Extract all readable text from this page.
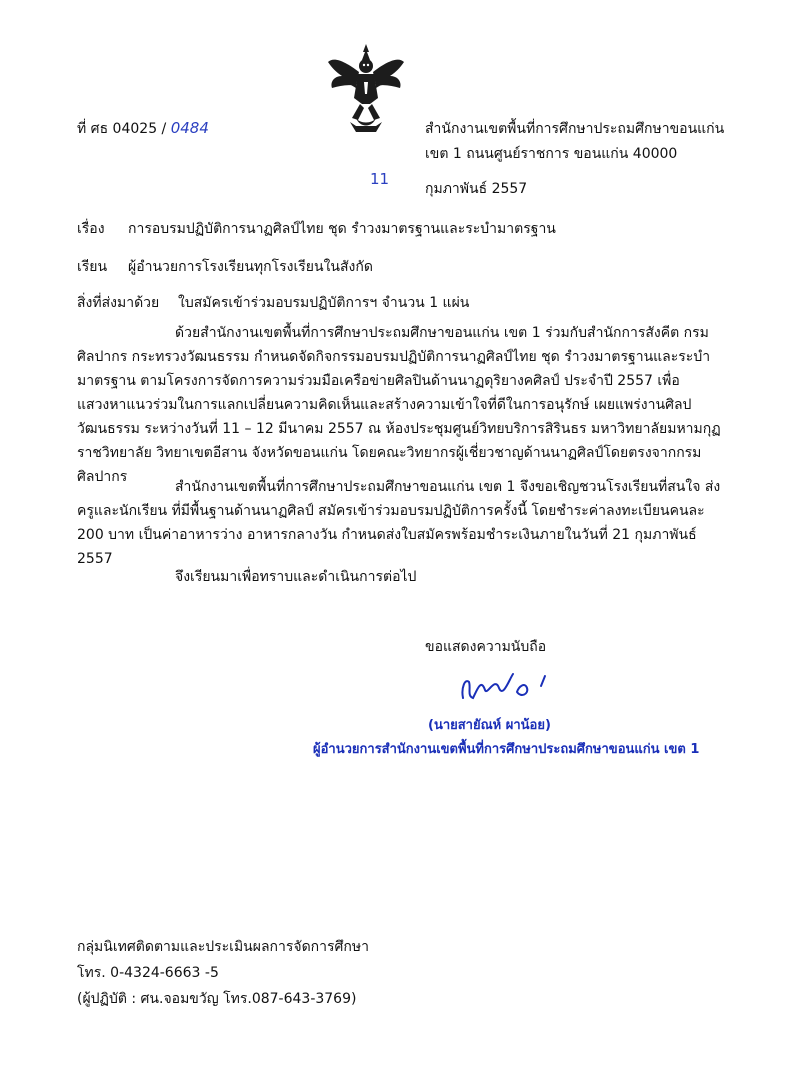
ที่ ศธ 04025 / 0484	สำนักงานเขตพื้นที่การศึกษาประถมศึกษาขอนแก่น
เขต 1 ถนนศูนย์ราชการ ขอนแก่น 40000
11
กุมภาพันธ์ 2557
เรื่อง การอบรมปฏิบัติการนาฏศิลป์ไทย ชุด รำวงมาตรฐานและระบำมาตรฐาน
เรียน ผู้อำนวยการโรงเรียนทุกโรงเรียนในสังกัด
สิ่งที่ส่งมาด้วย ใบสมัครเข้าร่วมอบรมปฏิบัติการฯ จำนวน 1 แผ่น
ด้วยสำนักงานเขตพื้นที่การศึกษาประถมศึกษาขอนแก่น เขต 1 ร่วมกับสำนักการสังคีต กรมศิลปากร กระทรวงวัฒนธรรม กำหนดจัดกิจกรรมอบรมปฏิบัติการนาฏศิลป์ไทย ชุด รำวงมาตรฐานและระบำมาตรฐาน ตามโครงการจัดการความร่วมมือเครือข่ายศิลปินด้านนาฏดุริยางคศิลป์ ประจำปี 2557 เพื่อแสวงหาแนวร่วมในการแลกเปลี่ยนความคิดเห็นและสร้างความเข้าใจที่ดีในการอนุรักษ์ เผยแพร่งานศิลปวัฒนธรรม ระหว่างวันที่ 11 – 12 มีนาคม 2557 ณ ห้องประชุมศูนย์วิทยบริการสิรินธร มหาวิทยาลัยมหามกุฏราชวิทยาลัย วิทยาเขตอีสาน จังหวัดขอนแก่น โดยคณะวิทยากรผู้เชี่ยวชาญด้านนาฏศิลป์โดยตรงจากกรมศิลปากร
สำนักงานเขตพื้นที่การศึกษาประถมศึกษาขอนแก่น เขต 1 จึงขอเชิญชวนโรงเรียนที่สนใจ ส่งครูและนักเรียน ที่มีพื้นฐานด้านนาฏศิลป์ สมัครเข้าร่วมอบรมปฏิบัติการครั้งนี้ โดยชำระค่าลงทะเบียนคนละ 200 บาท เป็นค่าอาหารว่าง อาหารกลางวัน กำหนดส่งใบสมัครพร้อมชำระเงินภายในวันที่ 21 กุมภาพันธ์ 2557
จึงเรียนมาเพื่อทราบและดำเนินการต่อไป
ขอแสดงความนับถือ
(นายสายัณห์ ผาน้อย)
ผู้อำนวยการสำนักงานเขตพื้นที่การศึกษาประถมศึกษาขอนแก่น เขต 1
กลุ่มนิเทศติดตามและประเมินผลการจัดการศึกษา
โทร. 0-4324-6663 -5
(ผู้ปฏิบัติ : ศน.จอมขวัญ โทร.087-643-3769)
